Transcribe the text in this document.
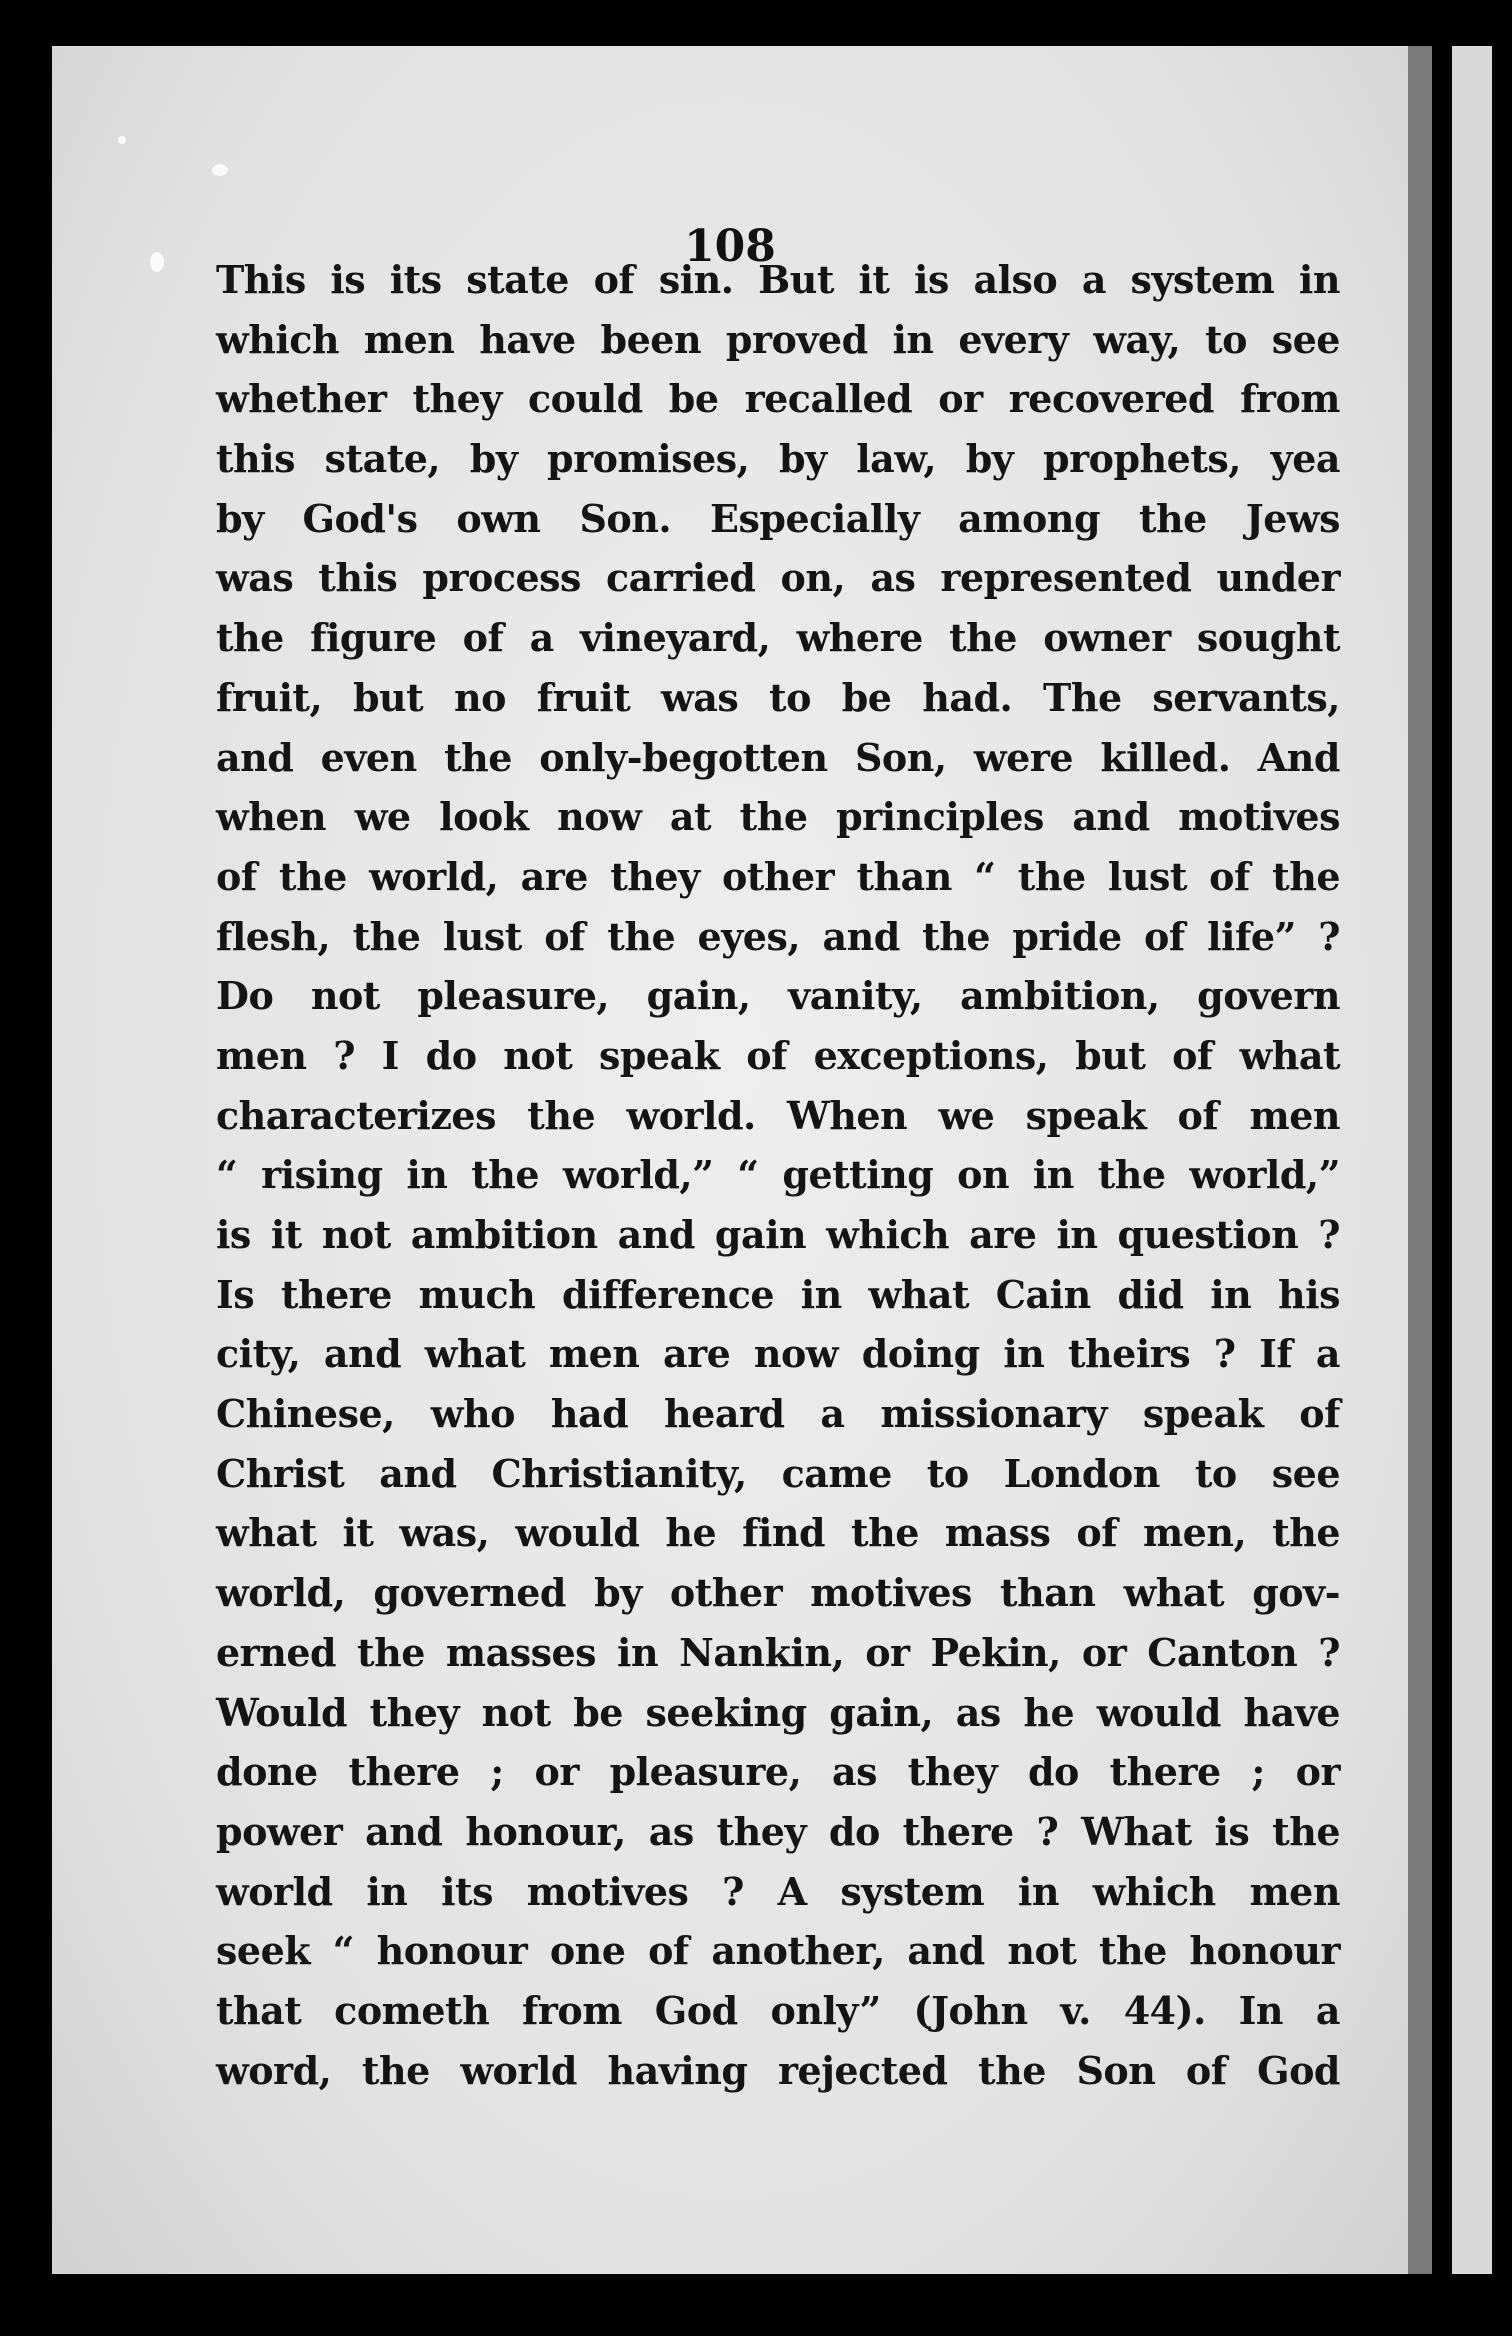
108

This is its state of sin. But it is also a system in
which men have been proved in every way, to see
whether they could be recalled or recovered from
this state, by promises, by law, by prophets, yea
by God's own Son. Especially among the Jews
was this process carried on, as represented under
the figure of a vineyard, where the owner sought
fruit, but no fruit was to be had. The servants,
and even the only-begotten Son, were killed. And
when we look now at the principles and motives
of the world, are they other than “ the lust of the
flesh, the lust of the eyes, and the pride of life” ?
Do not pleasure, gain, vanity, ambition, govern
men ? I do not speak of exceptions, but of what
characterizes the world. When we speak of men
“ rising in the world,” “ getting on in the world,”
is it not ambition and gain which are in question ?
Is there much difference in what Cain did in his
city, and what men are now doing in theirs ? If a
Chinese, who had heard a missionary speak of
Christ and Christianity, came to London to see
what it was, would he find the mass of men, the
world, governed by other motives than what gov-
erned the masses in Nankin, or Pekin, or Canton ?
Would they not be seeking gain, as he would have
done there ; or pleasure, as they do there ; or
power and honour, as they do there ? What is the
world in its motives ? A system in which men
seek “ honour one of another, and not the honour
that cometh from God only” (John v. 44). In a
word, the world having rejected the Son of God
